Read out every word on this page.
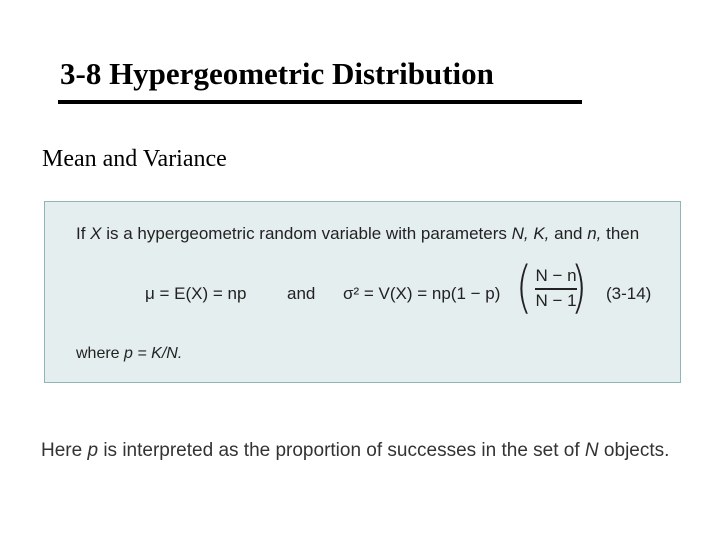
3-8 Hypergeometric Distribution
Mean and Variance
If X is a hypergeometric random variable with parameters N, K, and n, then
μ = E(X) = np and σ² = V(X) = np(1 − p) ( N − n
N − 1
) (3-14)
where p = K/N.
Here p is interpreted as the proportion of successes in the set of N objects.
